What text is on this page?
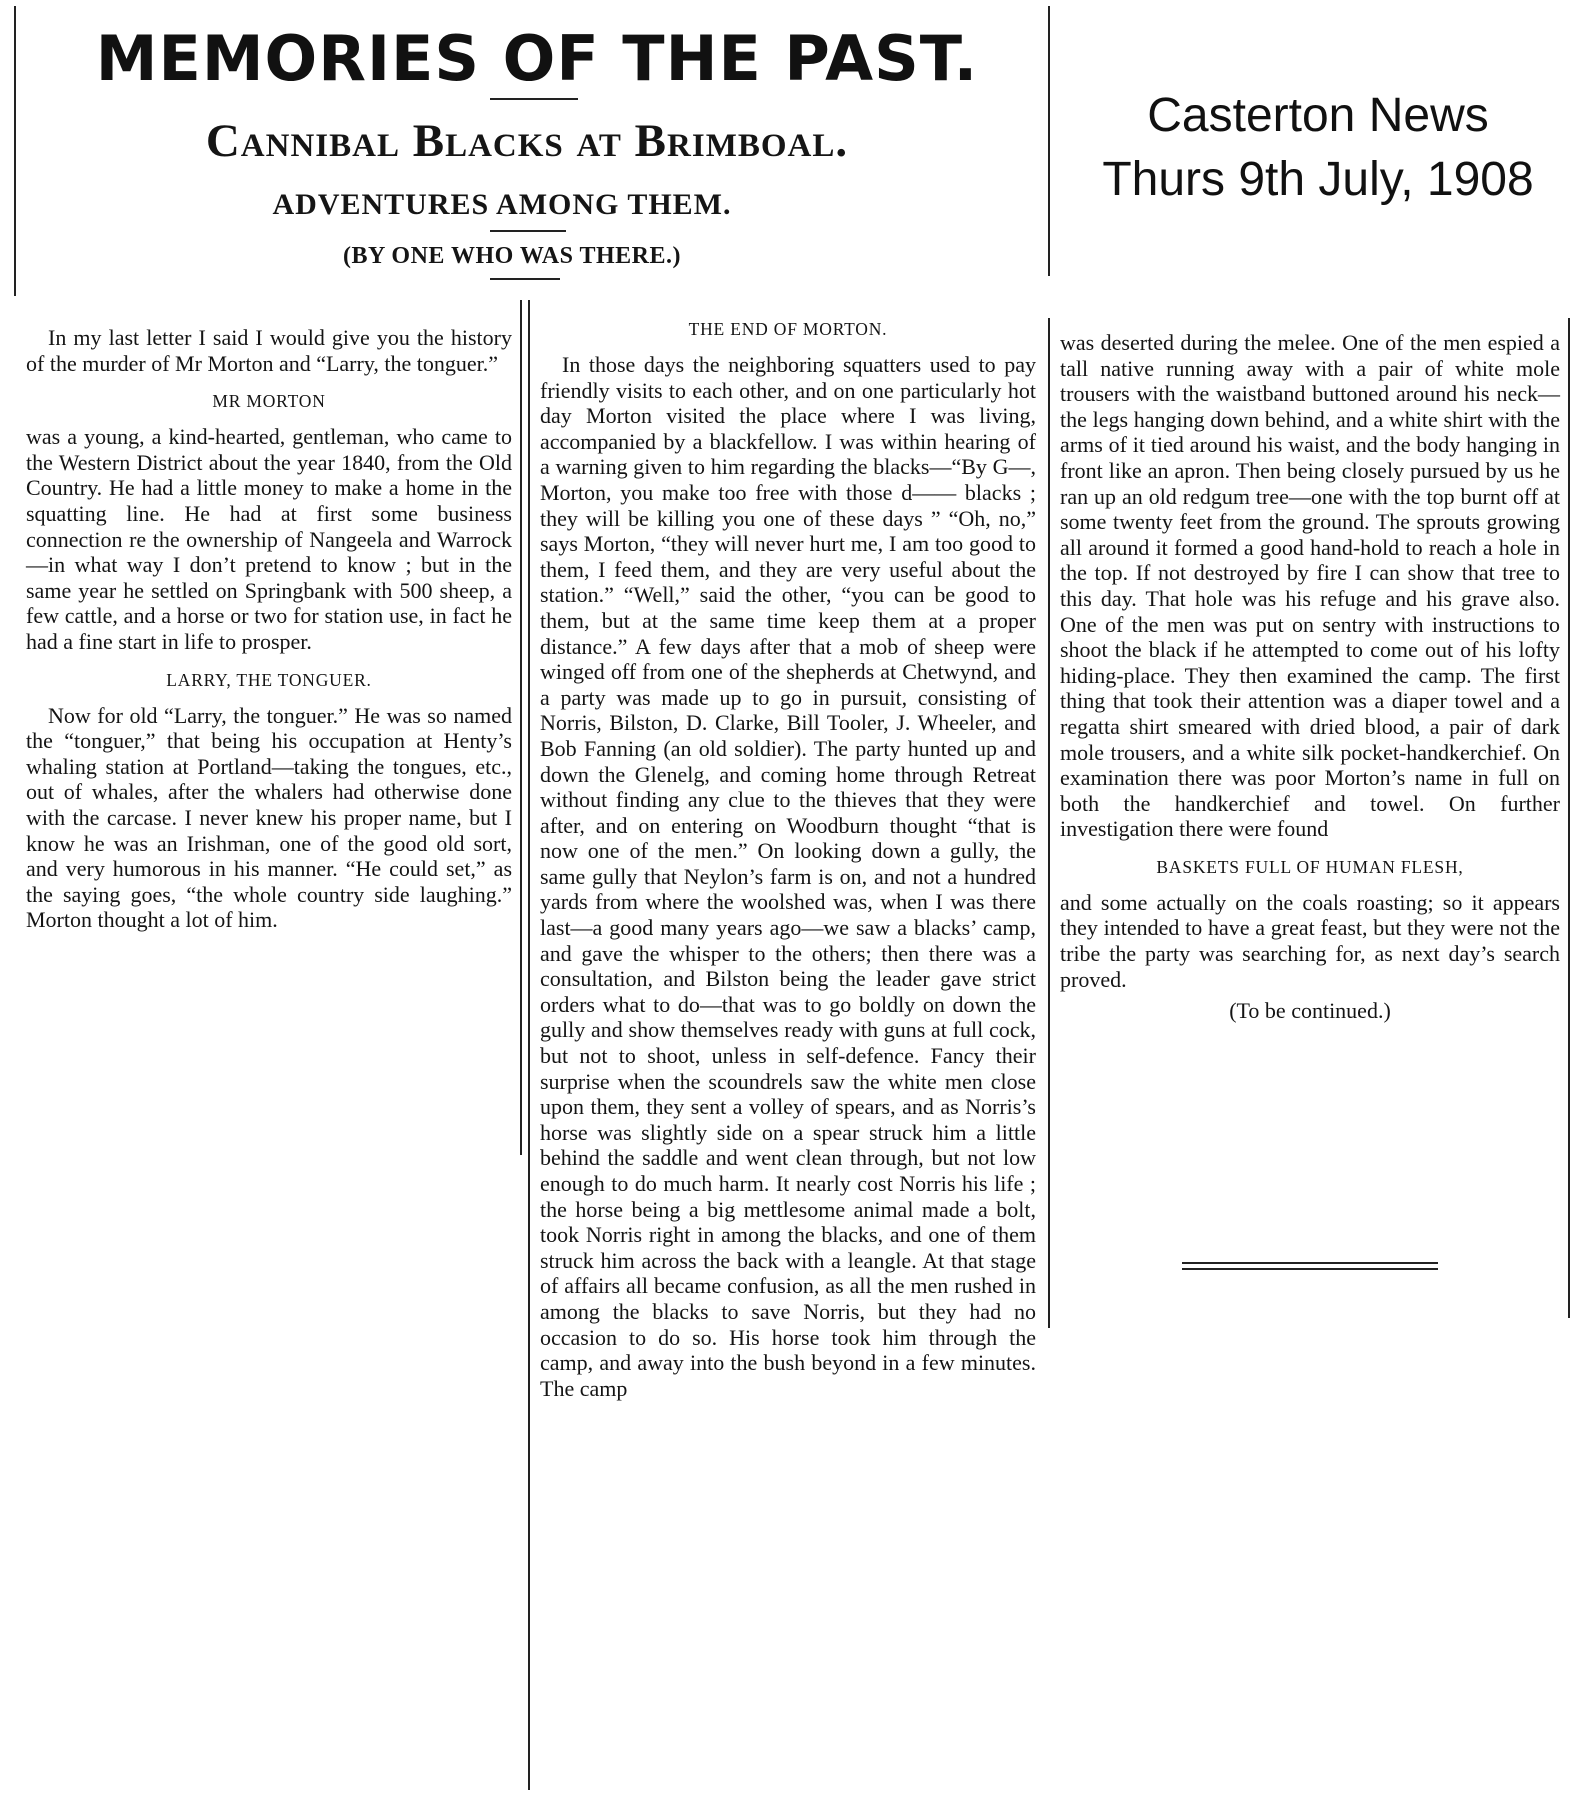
MEMORIES OF THE PAST.
Cannibal Blacks at Brimboal.
ADVENTURES AMONG THEM.
(BY ONE WHO WAS THERE.)
Casterton News
Thurs 9th July, 1908

In my last letter I said I would give you the history of the murder of Mr Morton and “Larry, the tonguer.”

MR MORTON

was a young, a kind-hearted, gentleman, who came to the Western District about the year 1840, from the Old Country. He had a little money to make a home in the squatting line. He had at first some business connection re the ownership of Nangeela and Warrock—in what way I don’t pretend to know ; but in the same year he settled on Springbank with 500 sheep, a few cattle, and a horse or two for station use, in fact he had a fine start in life to prosper.

LARRY, THE TONGUER.

Now for old “Larry, the tonguer.” He was so named the “tonguer,” that being his occupation at Henty’s whaling station at Portland—taking the tongues, etc., out of whales, after the whalers had otherwise done with the carcase. I never knew his proper name, but I know he was an Irishman, one of the good old sort, and very humorous in his manner. “He could set,” as the saying goes, “the whole country side laughing.” Morton thought a lot of him.

THE END OF MORTON.

In those days the neighboring squatters used to pay friendly visits to each other, and on one particularly hot day Morton visited the place where I was living, accompanied by a blackfellow. I was within hearing of a warning given to him regarding the blacks—“By G—, Morton, you make too free with those d—— blacks ; they will be killing you one of these days ” “Oh, no,” says Morton, “they will never hurt me, I am too good to them, I feed them, and they are very useful about the station.” “Well,” said the other, “you can be good to them, but at the same time keep them at a proper distance.” A few days after that a mob of sheep were winged off from one of the shepherds at Chetwynd, and a party was made up to go in pursuit, consisting of Norris, Bilston, D. Clarke, Bill Tooler, J. Wheeler, and Bob Fanning (an old soldier). The party hunted up and down the Glenelg, and coming home through Retreat without finding any clue to the thieves that they were after, and on entering on Woodburn thought “that is now one of the men.” On looking down a gully, the same gully that Neylon’s farm is on, and not a hundred yards from where the woolshed was, when I was there last—a good many years ago—we saw a blacks’ camp, and gave the whisper to the others; then there was a consultation, and Bilston being the leader gave strict orders what to do—that was to go boldly on down the gully and show themselves ready with guns at full cock, but not to shoot, unless in self-defence. Fancy their surprise when the scoundrels saw the white men close upon them, they sent a volley of spears, and as Norris’s horse was slightly side on a spear struck him a little behind the saddle and went clean through, but not low enough to do much harm. It nearly cost Norris his life ; the horse being a big mettlesome animal made a bolt, took Norris right in among the blacks, and one of them struck him across the back with a leangle. At that stage of affairs all became confusion, as all the men rushed in among the blacks to save Norris, but they had no occasion to do so. His horse took him through the camp, and away into the bush beyond in a few minutes. The camp

was deserted during the melee. One of the men espied a tall native running away with a pair of white mole trousers with the waistband buttoned around his neck—the legs hanging down behind, and a white shirt with the arms of it tied around his waist, and the body hanging in front like an apron. Then being closely pursued by us he ran up an old redgum tree—one with the top burnt off at some twenty feet from the ground. The sprouts growing all around it formed a good hand-hold to reach a hole in the top. If not destroyed by fire I can show that tree to this day. That hole was his refuge and his grave also. One of the men was put on sentry with instructions to shoot the black if he attempted to come out of his lofty hiding-place. They then examined the camp. The first thing that took their attention was a diaper towel and a regatta shirt smeared with dried blood, a pair of dark mole trousers, and a white silk pocket-handkerchief. On examination there was poor Morton’s name in full on both the handkerchief and towel. On further investigation there were found

BASKETS FULL OF HUMAN FLESH,

and some actually on the coals roasting; so it appears they intended to have a great feast, but they were not the tribe the party was searching for, as next day’s search proved.

(To be continued.)
